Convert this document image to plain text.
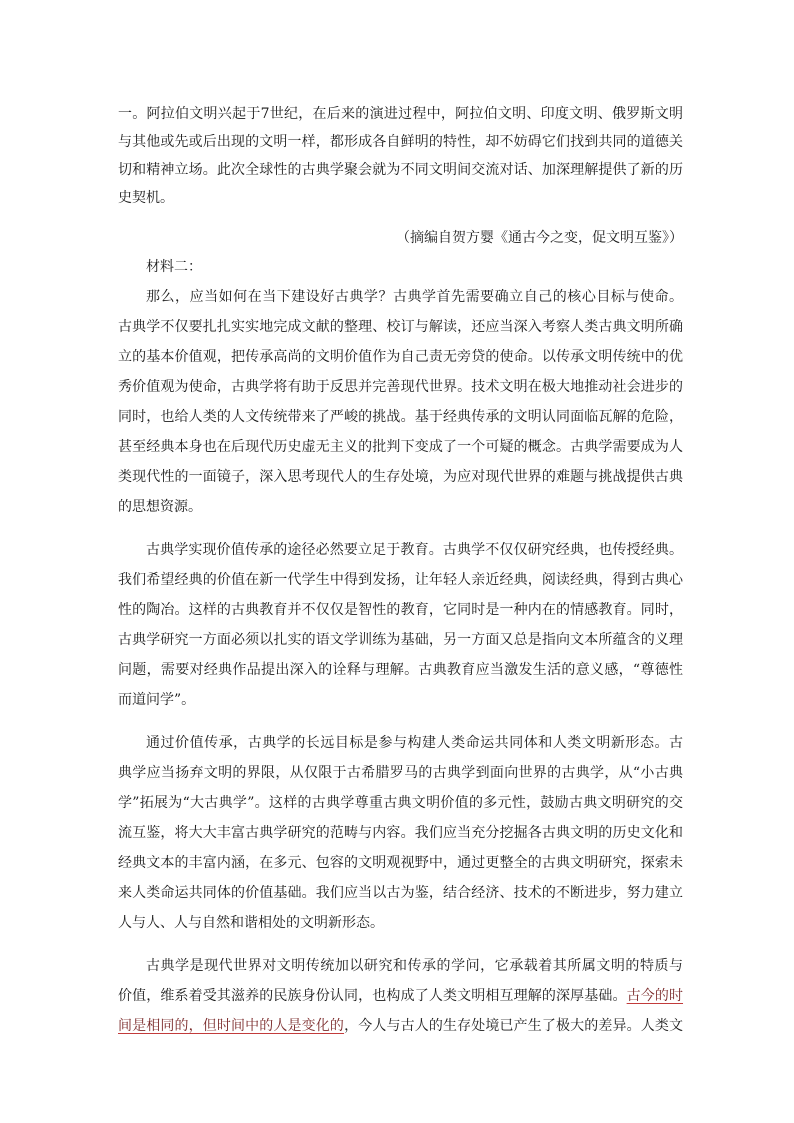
一。阿拉伯文明兴起于7世纪，在后来的演进过程中，阿拉伯文明、印度文明、俄罗斯文明
与其他或先或后出现的文明一样，都形成各自鲜明的特性，却不妨碍它们找到共同的道德关
切和精神立场。此次全球性的古典学聚会就为不同文明间交流对话、加深理解提供了新的历
史契机。
（摘编自贺方婴《通古今之变，促文明互鉴》）
材料二：
那么，应当如何在当下建设好古典学？古典学首先需要确立自己的核心目标与使命。
古典学不仅要扎扎实实地完成文献的整理、校订与解读，还应当深入考察人类古典文明所确
立的基本价值观，把传承高尚的文明价值作为自己责无旁贷的使命。以传承文明传统中的优
秀价值观为使命，古典学将有助于反思并完善现代世界。技术文明在极大地推动社会进步的
同时，也给人类的人文传统带来了严峻的挑战。基于经典传承的文明认同面临瓦解的危险，
甚至经典本身也在后现代历史虚无主义的批判下变成了一个可疑的概念。古典学需要成为人
类现代性的一面镜子，深入思考现代人的生存处境，为应对现代世界的难题与挑战提供古典
的思想资源。
古典学实现价值传承的途径必然要立足于教育。古典学不仅仅研究经典，也传授经典。
我们希望经典的价值在新一代学生中得到发扬，让年轻人亲近经典，阅读经典，得到古典心
性的陶冶。这样的古典教育并不仅仅是智性的教育，它同时是一种内在的情感教育。同时，
古典学研究一方面必须以扎实的语文学训练为基础，另一方面又总是指向文本所蕴含的义理
问题，需要对经典作品提出深入的诠释与理解。古典教育应当激发生活的意义感，“尊德性
而道问学”。
通过价值传承，古典学的长远目标是参与构建人类命运共同体和人类文明新形态。古
典学应当扬弃文明的界限，从仅限于古希腊罗马的古典学到面向世界的古典学，从“小古典
学”拓展为“大古典学”。这样的古典学尊重古典文明价值的多元性，鼓励古典文明研究的交
流互鉴，将大大丰富古典学研究的范畴与内容。我们应当充分挖掘各古典文明的历史文化和
经典文本的丰富内涵，在多元、包容的文明观视野中，通过更整全的古典文明研究，探索未
来人类命运共同体的价值基础。我们应当以古为鉴，结合经济、技术的不断进步，努力建立
人与人、人与自然和谐相处的文明新形态。
古典学是现代世界对文明传统加以研究和传承的学问，它承载着其所属文明的特质与
价值，维系着受其滋养的民族身份认同，也构成了人类文明相互理解的深厚基础。古今的时
间是相同的，但时间中的人是变化的，今人与古人的生存处境已产生了极大的差异。人类文
